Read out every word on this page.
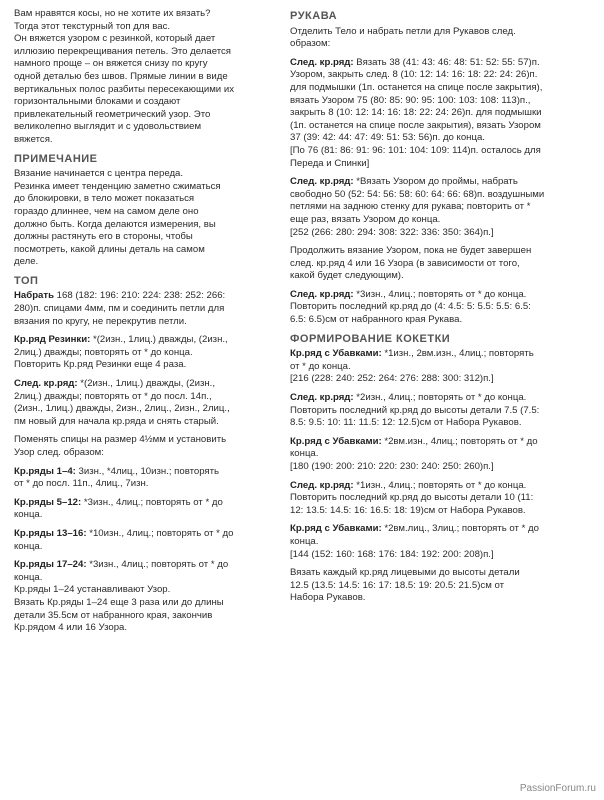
Вам нравятся косы, но не хотите их вязать?
Тогда этот текстурный топ для вас.
Он вяжется узором с резинкой, который дает
иллюзию перекрещивания петель. Это делается
намного проще – он вяжется снизу по кругу
одной деталью без швов. Прямые линии в виде
вертикальных полос разбиты пересекающими их
горизонтальными блоками и создают
привлекательный геометрический узор. Это
великолепно выглядит и с удовольствием
вяжется.

ПРИМЕЧАНИЕ

Вязание начинается с центра переда.
Резинка имеет тенденцию заметно сжиматься
до блокировки, в тело может показаться
гораздо длиннее, чем на самом деле оно
должно быть. Когда делаются измерения, вы
должны растянуть его в стороны, чтобы
посмотреть, какой длины деталь на самом
деле.

ТОП

Набрать 168 (182: 196: 210: 224: 238: 252: 266:
280)п. спицами 4мм, пм и соединить петли для
вязания по кругу, не перекрутив петли.

Кр.ряд Резинки: *(2изн., 1лиц.) дважды, (2изн.,
2лиц.) дважды; повторять от * до конца.
Повторить Кр.ряд Резинки еще 4 раза.

След. кр.ряд: *(2изн., 1лиц.) дважды, (2изн.,
2лиц.) дважды; повторять от * до посл. 14п.,
(2изн., 1лиц.) дважды, 2изн., 2лиц., 2изн., 2лиц.,
пм новый для начала кр.ряда и снять старый.

Поменять спицы на размер 4½мм и установить
Узор след. образом:

Кр.ряды 1–4: 3изн., *4лиц., 10изн.; повторять
от * до посл. 11п., 4лиц., 7изн.

Кр.ряды 5–12: *3изн., 4лиц.; повторять от * до
конца.

Кр.ряды 13–16: *10изн., 4лиц.; повторять от * до
конца.

Кр.ряды 17–24: *3изн., 4лиц.; повторять от * до
конца.
Кр.ряды 1–24 устанавливают Узор.
Вязать Кр.ряды 1–24 еще 3 раза или до длины
детали 35.5см от набранного края, закончив
Кр.рядом 4 или 16 Узора.

РУКАВА

Отделить Тело и набрать петли для Рукавов след.
образом:

След. кр.ряд: Вязать 38 (41: 43: 46: 48: 51: 52: 55: 57)п.
Узором, закрыть след. 8 (10: 12: 14: 16: 18: 22: 24: 26)п.
для подмышки (1п. останется на спице после закрытия),
вязать Узором 75 (80: 85: 90: 95: 100: 103: 108: 113)п.,
закрыть 8 (10: 12: 14: 16: 18: 22: 24: 26)п. для подмышки
(1п. останется на спице после закрытия), вязать Узором
37 (39: 42: 44: 47: 49: 51: 53: 56)п. до конца.
[По 76 (81: 86: 91: 96: 101: 104: 109: 114)п. осталось для
Переда и Спинки]

След. кр.ряд: *Вязать Узором до проймы, набрать
свободно 50 (52: 54: 56: 58: 60: 64: 66: 68)п. воздушными
петлями на заднюю стенку для рукава; повторить от *
еще раз, вязать Узором до конца.
[252 (266: 280: 294: 308: 322: 336: 350: 364)п.]

Продолжить вязание Узором, пока не будет завершен
след. кр.ряд 4 или 16 Узора (в зависимости от того,
какой будет следующим).

След. кр.ряд: *3изн., 4лиц.; повторять от * до конца.
Повторить последний кр.ряд до (4: 4.5: 5: 5.5: 5.5: 6.5:
6.5: 6.5)см от набранного края Рукава.

ФОРМИРОВАНИЕ КОКЕТКИ

Кр.ряд с Убавками: *1изн., 2вм.изн., 4лиц.; повторять
от * до конца.
[216 (228: 240: 252: 264: 276: 288: 300: 312)п.]

След. кр.ряд: *2изн., 4лиц.; повторять от * до конца.
Повторить последний кр.ряд до высоты детали 7.5 (7.5:
8.5: 9.5: 10: 11: 11.5: 12: 12.5)см от Набора Рукавов.

Кр.ряд с Убавками: *2вм.изн., 4лиц.; повторять от * до
конца.
[180 (190: 200: 210: 220: 230: 240: 250: 260)п.]

След. кр.ряд: *1изн., 4лиц.; повторять от * до конца.
Повторить последний кр.ряд до высоты детали 10 (11:
12: 13.5: 14.5: 16: 16.5: 18: 19)см от Набора Рукавов.

Кр.ряд с Убавками: *2вм.лиц., 3лиц.; повторять от * до
конца.
[144 (152: 160: 168: 176: 184: 192: 200: 208)п.]

Вязать каждый кр.ряд лицевыми до высоты детали
12.5 (13.5: 14.5: 16: 17: 18.5: 19: 20.5: 21.5)см от
Набора Рукавов.

PassionForum.ru
